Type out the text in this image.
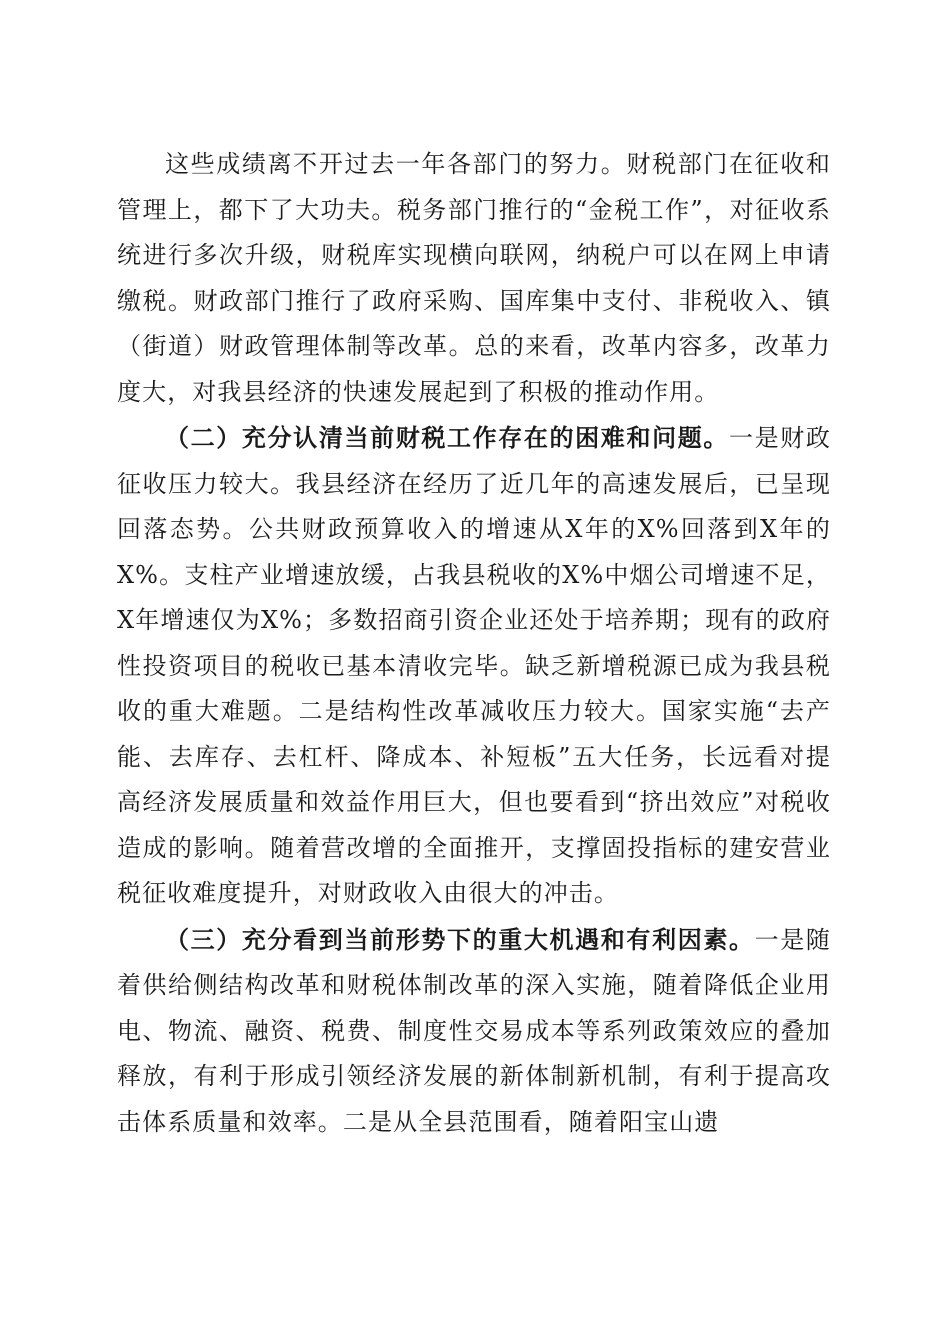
这些成绩离不开过去一年各部门的努力。财税部门在征收和管理上，都下了大功夫。税务部门推行的“金税工作”，对征收系统进行多次升级，财税库实现横向联网，纳税户可以在网上申请缴税。财政部门推行了政府采购、国库集中支付、非税收入、镇（街道）财政管理体制等改革。总的来看，改革内容多，改革力度大，对我县经济的快速发展起到了积极的推动作用。

（二）充分认清当前财税工作存在的困难和问题。一是财政征收压力较大。我县经济在经历了近几年的高速发展后，已呈现回落态势。公共财政预算收入的增速从X年的X%回落到X年的X%。支柱产业增速放缓，占我县税收的X%中烟公司增速不足，X年增速仅为X%；多数招商引资企业还处于培养期；现有的政府性投资项目的税收已基本清收完毕。缺乏新增税源已成为我县税收的重大难题。二是结构性改革减收压力较大。国家实施“去产能、去库存、去杠杆、降成本、补短板”五大任务，长远看对提高经济发展质量和效益作用巨大，但也要看到“挤出效应”对税收造成的影响。随着营改增的全面推开，支撑固投指标的建安营业税征收难度提升，对财政收入由很大的冲击。

（三）充分看到当前形势下的重大机遇和有利因素。一是随着供给侧结构改革和财税体制改革的深入实施，随着降低企业用电、物流、融资、税费、制度性交易成本等系列政策效应的叠加释放，有利于形成引领经济发展的新体制新机制，有利于提高攻击体系质量和效率。二是从全县范围看，随着阳宝山遗
